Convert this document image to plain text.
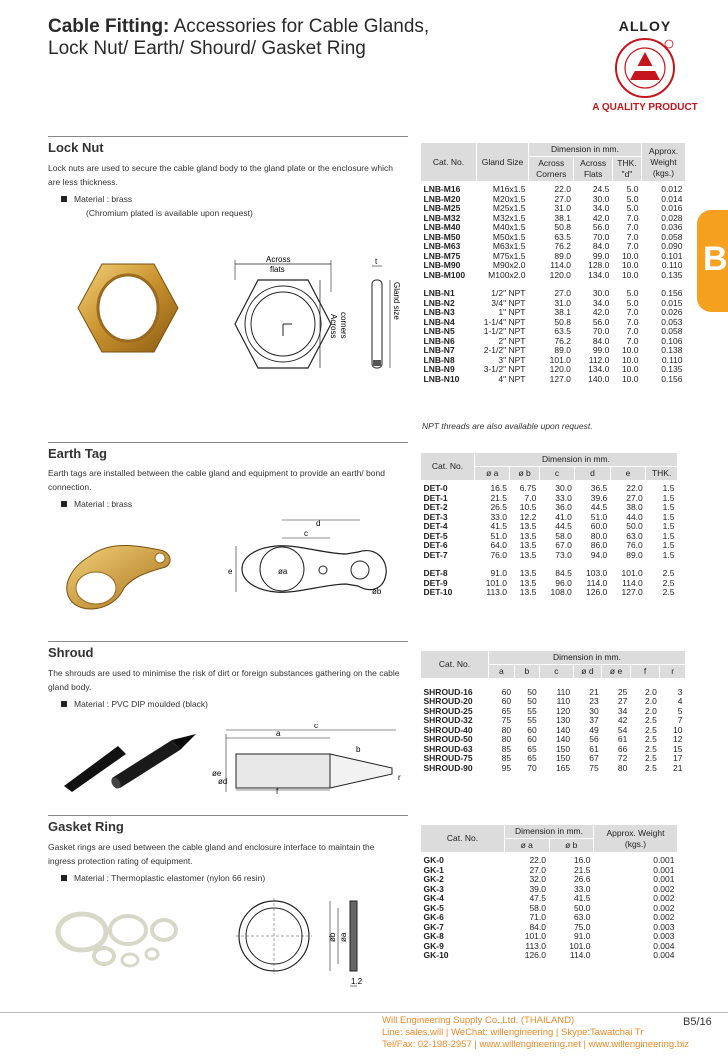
Cable Fitting: Accessories for Cable Glands,
Lock Nut/ Earth/ Shourd/ Gasket Ring
ALLOY
A QUALITY PRODUCT
B
Lock Nut
Lock nuts are used to secure the cable gland body to the gland plate or the enclosure which are less thickness.
Material : brass
(Chromium plated is available upon request)
Across
flats
Across corners
t
Gland size
Cat. No.	Gland Size	Dimension in mm.			Approx. Weight (kgs.)
		Across Corners	Across Flats	THK. "d"	
LNB-M16	M16x1.5	22.0	24.5	5.0	0.012
LNB-M20	M20x1.5	27.0	30.0	5.0	0.014
LNB-M25	M25x1.5	31.0	34.0	5.0	0.016
LNB-M32	M32x1.5	38.1	42.0	7.0	0.028
LNB-M40	M40x1.5	50.8	56.0	7.0	0.036
LNB-M50	M50x1.5	63.5	70.0	7.0	0.058
LNB-M63	M63x1.5	76.2	84.0	7.0	0.090
LNB-M75	M75x1.5	89.0	99.0	10.0	0.101
LNB-M90	M90x2.0	114.0	128.0	10.0	0.110
LNB-M100	M100x2.0	120.0	134.0	10.0	0.135

LNB-N1	1/2" NPT	27.0	30.0	5.0	0.156
LNB-N2	3/4" NPT	31.0	34.0	5.0	0.015
LNB-N3	1" NPT	38.1	42.0	7.0	0.026
LNB-N4	1-1/4" NPT	50.8	56.0	7.0	0.053
LNB-N5	1-1/2" NPT	63.5	70.0	7.0	0.058
LNB-N6	2" NPT	76.2	84.0	7.0	0.106
LNB-N7	2-1/2" NPT	89.0	99.0	10.0	0.138
LNB-N8	3" NPT	101.0	112.0	10.0	0.110
LNB-N9	3-1/2" NPT	120.0	134.0	10.0	0.135
LNB-N10	4" NPT	127.0	140.0	10.0	0.156
NPT threads are also available upon request.
Earth Tag
Earth tags are installed between the cable gland and equipment to provide an earth/ bond connection.
Material : brass
d
c
e	øa
øb
Cat. No.	Dimension in mm.					
	ø a	ø b	c	d	e	THK.
DET-0	16.5	6.75	30.0	36.5	22.0	1.5
DET-1	21.5	7.0	33.0	39.6	27.0	1.5
DET-2	26.5	10.5	36.0	44.5	38.0	1.5
DET-3	33.0	12.2	41.0	51.0	44.0	1.5
DET-4	41.5	13.5	44.5	60.0	50.0	1.5
DET-5	51.0	13.5	58.0	80.0	63.0	1.5
DET-6	64.0	13.5	67.0	86.0	76.0	1.5
DET-7	76.0	13.5	73.0	94.0	89.0	1.5

DET-8	91.0	13.5	84.5	103.0	101.0	2.5
DET-9	101.0	13.5	96.0	114.0	114.0	2.5
DET-10	113.0	13.5	108.0	126.0	127.0	2.5
Shroud
The shrouds are used to minimise the risk of dirt or foreign substances gathering on the cable gland body.
Material : PVC DIP moulded (black)
a
c
b
r
øe
ød
f
Cat. No.	Dimension in mm.						
	a	b	c	ø d	ø e	f	r

SHROUD-16	60	50	110	21	25	2.0	3
SHROUD-20	60	50	110	23	27	2.0	4
SHROUD-25	65	55	120	30	34	2.0	5
SHROUD-32	75	55	130	37	42	2.5	7
SHROUD-40	80	60	140	49	54	2.5	10
SHROUD-50	80	60	140	56	61	2.5	12
SHROUD-63	85	65	150	61	66	2.5	15
SHROUD-75	85	65	150	67	72	2.5	17
SHROUD-90	95	70	165	75	80	2.5	21
Gasket Ring
Gasket rings are used between the cable gland and enclosure interface to maintain the ingress protection rating of equipment.
Material : Thermoplastic elastomer (nylon 66 resin)
øb øa
1.2
Cat. No.	Dimension in mm.		Approx. Weight (kgs.)
	ø a	ø b	
GK-0	22.0	16.0	0.001
GK-1	27.0	21.5	0.001
GK-2	32.0	26.6	0.001
GK-3	39.0	33.0	0.002
GK-4	47.5	41.5	0.002
GK-5	58.0	50.0	0.002
GK-6	71.0	63.0	0.002
GK-7	84.0	75.0	0.003
GK-8	101.0	91.0	0.003
GK-9	113.0	101.0	0.004
GK-10	126.0	114.0	0.004
Will Engineering Supply Co.,Ltd. (THAILAND)
Line: sales.will | WeChat: willengineering | Skype:Tawatchai Tr
Tel/Fax: 02-198-2957 | www.willengineering.net | www.willengineering.biz
B5/16
